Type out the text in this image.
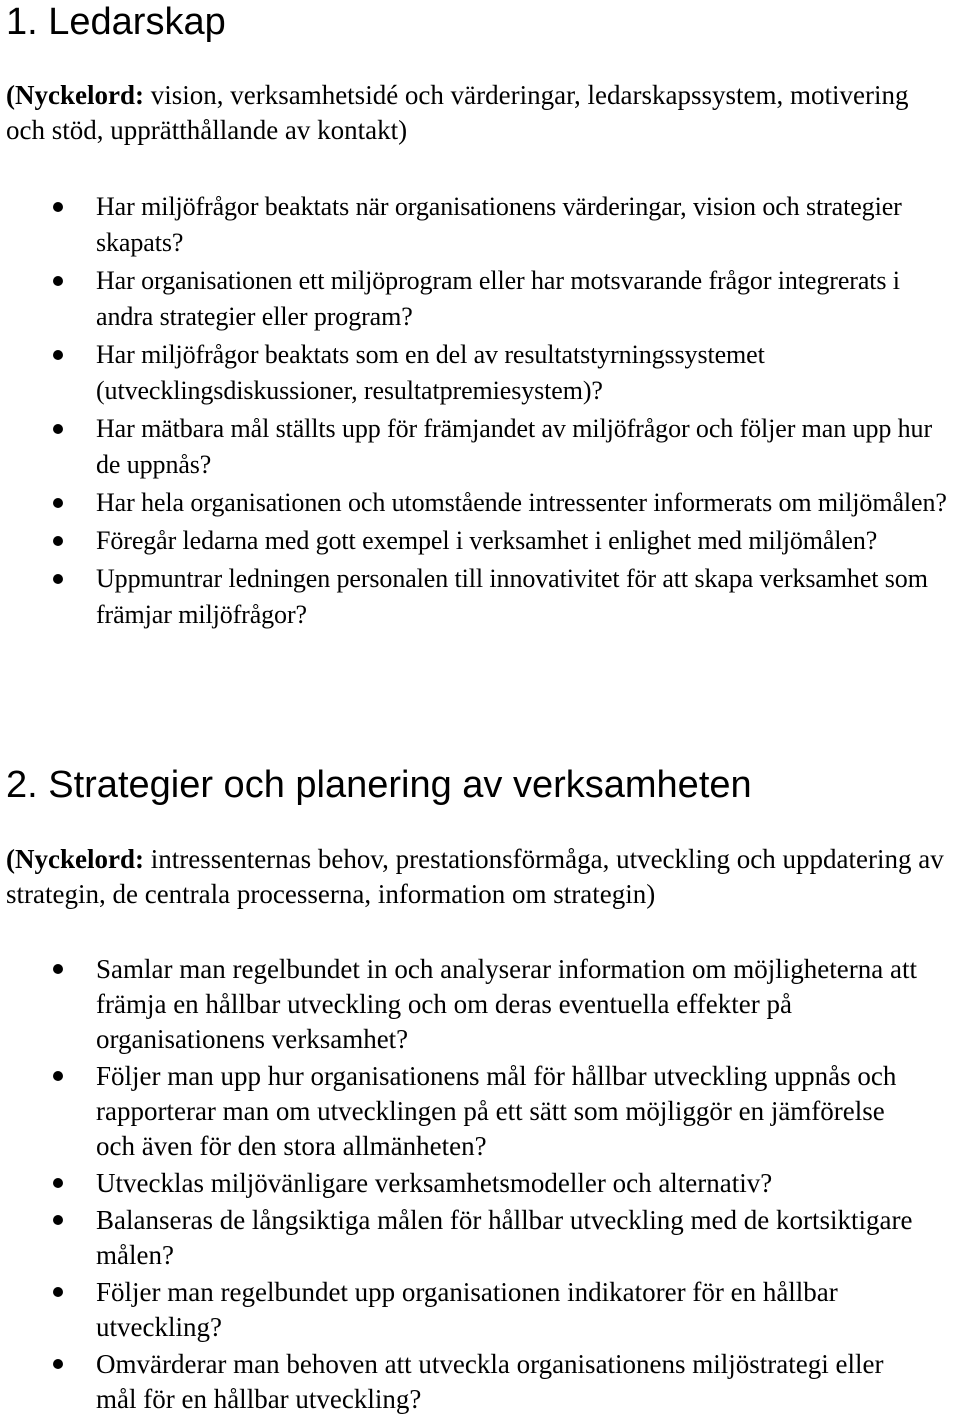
1. Ledarskap

(Nyckelord: vision, verksamhetsidé och värderingar, ledarskapssystem, motivering och stöd, upprätthållande av kontakt)

Har miljöfrågor beaktats när organisationens värderingar, vision och strategier skapats?
Har organisationen ett miljöprogram eller har motsvarande frågor integrerats i andra strategier eller program?
Har miljöfrågor beaktats som en del av resultatstyrningssystemet (utvecklingsdiskussioner, resultatpremiesystem)?
Har mätbara mål ställts upp för främjandet av miljöfrågor och följer man upp hur de uppnås?
Har hela organisationen och utomstående intressenter informerats om miljömålen?
Föregår ledarna med gott exempel i verksamhet i enlighet med miljömålen?
Uppmuntrar ledningen personalen till innovativitet för att skapa verksamhet som främjar miljöfrågor?
2. Strategier och planering av verksamheten

(Nyckelord: intressenternas behov, prestationsförmåga, utveckling och uppdatering av strategin, de centrala processerna, information om strategin)

Samlar man regelbundet in och analyserar information om möjligheterna att främja en hållbar utveckling och om deras eventuella effekter på organisationens verksamhet?
Följer man upp hur organisationens mål för hållbar utveckling uppnås och rapporterar man om utvecklingen på ett sätt som möjliggör en jämförelse och även för den stora allmänheten?
Utvecklas miljövänligare verksamhetsmodeller och alternativ?
Balanseras de långsiktiga målen för hållbar utveckling med de kortsiktigare målen?
Följer man regelbundet upp organisationen indikatorer för en hållbar utveckling?
Omvärderar man behoven att utveckla organisationens miljöstrategi eller mål för en hållbar utveckling?
